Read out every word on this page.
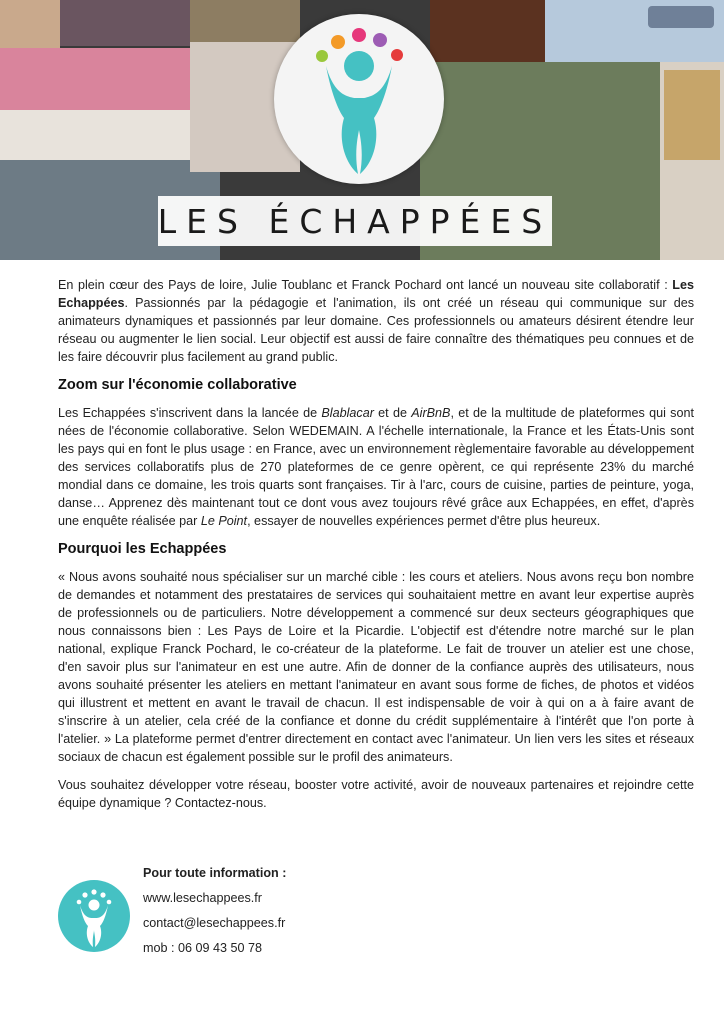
LES ÉCHAPPÉES

En plein cœur des Pays de loire, Julie Toublanc et Franck Pochard ont lancé un nouveau site collaboratif : Les Echappées. Passionnés par la pédagogie et l'animation, ils ont créé un réseau qui communique sur des animateurs dynamiques et passionnés par leur domaine. Ces professionnels ou amateurs désirent étendre leur réseau ou augmenter le lien social. Leur objectif est aussi de faire connaître des thématiques peu connues et de les faire découvrir plus facilement au grand public.

Zoom sur l'économie collaborative

Les Echappées s'inscrivent dans la lancée de Blablacar et de AirBnB, et de la multitude de plateformes qui sont nées de l'économie collaborative. Selon WEDEMAIN. A l'échelle internationale, la France et les États-Unis sont les pays qui en font le plus usage : en France, avec un environnement règlementaire favorable au développement des services collaboratifs plus de 270 plateformes de ce genre opèrent, ce qui représente 23% du marché mondial dans ce domaine, les trois quarts sont françaises. Tir à l'arc, cours de cuisine, parties de peinture, yoga, danse… Apprenez dès maintenant tout ce dont vous avez toujours rêvé grâce aux Echappées, en effet, d'après une enquête réalisée par Le Point, essayer de nouvelles expériences permet d'être plus heureux.

Pourquoi les Echappées

« Nous avons souhaité nous spécialiser sur un marché cible : les cours et ateliers. Nous avons reçu bon nombre de demandes et notamment des prestataires de services qui souhaitaient mettre en avant leur expertise auprès de professionnels ou de particuliers. Notre développement a commencé sur deux secteurs géographiques que nous connaissons bien : Les Pays de Loire et la Picardie. L'objectif est d'étendre notre marché sur le plan national, explique Franck Pochard, le co-créateur de la plateforme. Le fait de trouver un atelier est une chose, d'en savoir plus sur l'animateur en est une autre. Afin de donner de la confiance auprès des utilisateurs, nous avons souhaité présenter les ateliers en mettant l'animateur en avant sous forme de fiches, de photos et vidéos qui illustrent et mettent en avant le travail de chacun. Il est indispensable de voir à qui on a à faire avant de s'inscrire à un atelier, cela créé de la confiance et donne du crédit supplémentaire à l'intérêt que l'on porte à l'atelier. » La plateforme permet d'entrer directement en contact avec l'animateur. Un lien vers les sites et réseaux sociaux de chacun est également possible sur le profil des animateurs.

Vous souhaitez développer votre réseau, booster votre activité, avoir de nouveaux partenaires et rejoindre cette équipe dynamique ? Contactez-nous.

Pour toute information :
www.lesechappees.fr
contact@lesechappees.fr
mob : 06 09 43 50 78
